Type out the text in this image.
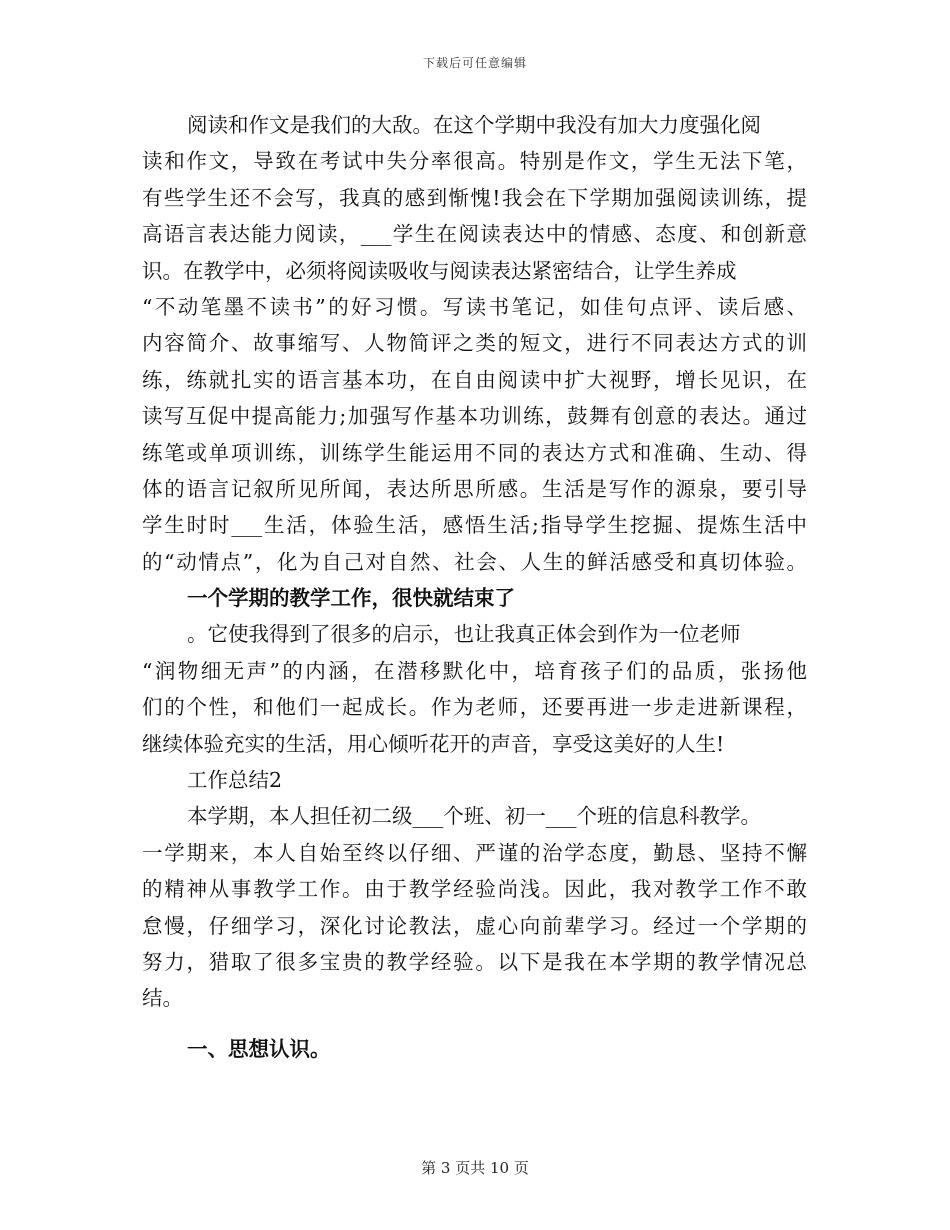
下载后可任意编辑
阅读和作文是我们的大敌。在这个学期中我没有加大力度强化阅
读和作文，导致在考试中失分率很高。特别是作文，学生无法下笔，
有些学生还不会写，我真的感到惭愧!我会在下学期加强阅读训练，提
高语言表达能力阅读，___学生在阅读表达中的情感、态度、和创新意
识。在教学中，必须将阅读吸收与阅读表达紧密结合，让学生养成
“不动笔墨不读书”的好习惯。写读书笔记，如佳句点评、读后感、
内容简介、故事缩写、人物简评之类的短文，进行不同表达方式的训
练，练就扎实的语言基本功，在自由阅读中扩大视野，增长见识，在
读写互促中提高能力;加强写作基本功训练，鼓舞有创意的表达。通过
练笔或单项训练，训练学生能运用不同的表达方式和准确、生动、得
体的语言记叙所见所闻，表达所思所感。生活是写作的源泉，要引导
学生时时___生活，体验生活，感悟生活;指导学生挖掘、提炼生活中
的“动情点”，化为自己对自然、社会、人生的鲜活感受和真切体验。
一个学期的教学工作，很快就结束了
。它使我得到了很多的启示，也让我真正体会到作为一位老师
“润物细无声”的内涵，在潜移默化中，培育孩子们的品质，张扬他
们的个性，和他们一起成长。作为老师，还要再进一步走进新课程，
继续体验充实的生活，用心倾听花开的声音，享受这美好的人生!
工作总结2
本学期，本人担任初二级___个班、初一___个班的信息科教学。
一学期来，本人自始至终以仔细、严谨的治学态度，勤恳、坚持不懈
的精神从事教学工作。由于教学经验尚浅。因此，我对教学工作不敢
怠慢，仔细学习，深化讨论教法，虚心向前辈学习。经过一个学期的
努力，猎取了很多宝贵的教学经验。以下是我在本学期的教学情况总
结。
一、思想认识。
第 3 页共 10 页
